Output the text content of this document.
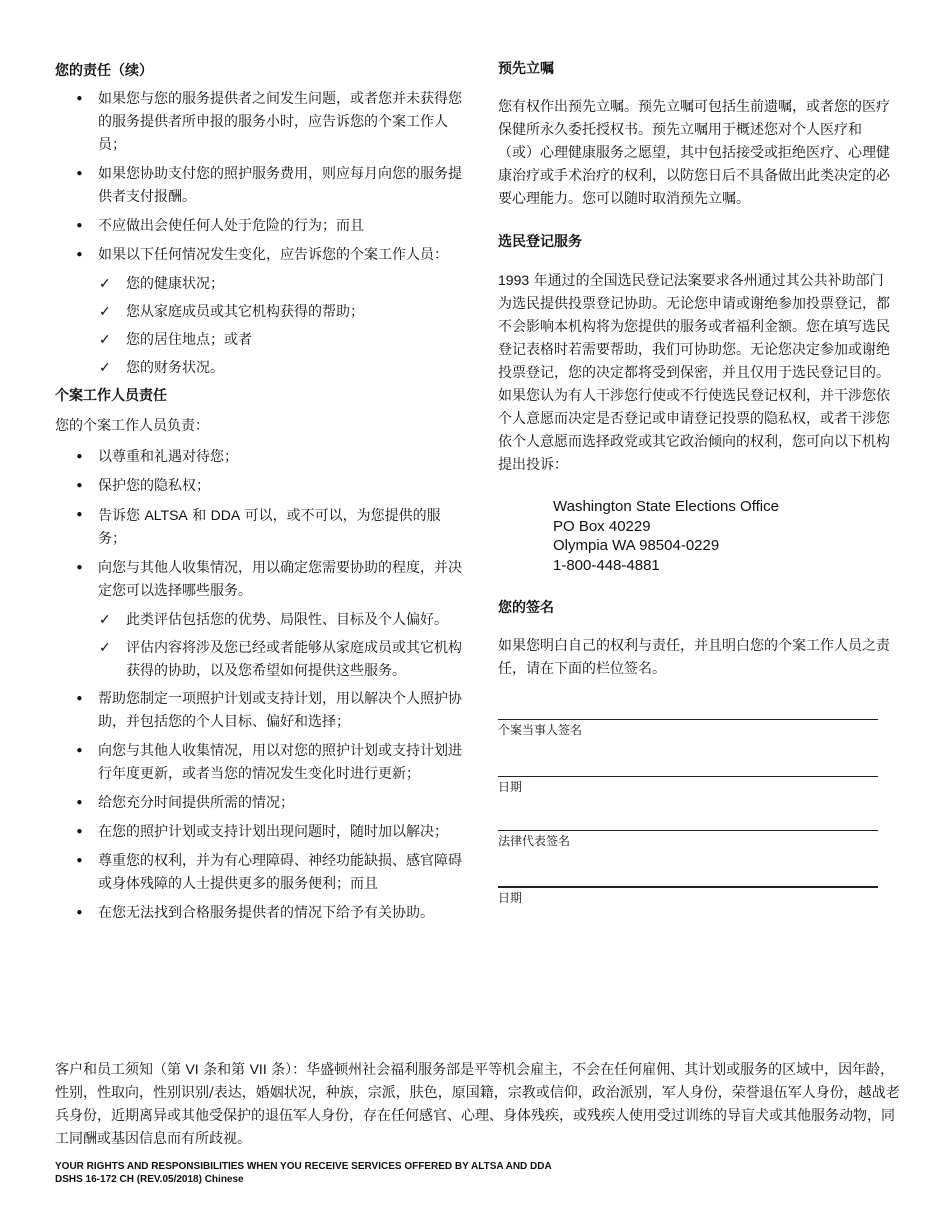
您的责任（续）
• 如果您与您的服务提供者之间发生问题，或者您并未获得您的服务提供者所申报的服务小时，应告诉您的个案工作人员；
• 如果您协助支付您的照护服务费用，则应每月向您的服务提供者支付报酬。
• 不应做出会使任何人处于危险的行为；而且
• 如果以下任何情况发生变化，应告诉您的个案工作人员：
✓ 您的健康状况；
✓ 您从家庭成员或其它机构获得的帮助；
✓ 您的居住地点；或者
✓ 您的财务状况。
个案工作人员责任

您的个案工作人员负责：

• 以尊重和礼遇对待您；
• 保护您的隐私权；
• 告诉您 ALTSA 和 DDA 可以，或不可以，为您提供的服务；
• 向您与其他人收集情况，用以确定您需要协助的程度，并决定您可以选择哪些服务。
✓ 此类评估包括您的优势、局限性、目标及个人偏好。
✓ 评估内容将涉及您已经或者能够从家庭成员或其它机构获得的协助，以及您希望如何提供这些服务。
• 帮助您制定一项照护计划或支持计划，用以解决个人照护协助，并包括您的个人目标、偏好和选择；
• 向您与其他人收集情况，用以对您的照护计划或支持计划进行年度更新，或者当您的情况发生变化时进行更新；
• 给您充分时间提供所需的情况；
• 在您的照护计划或支持计划出现问题时，随时加以解决；
• 尊重您的权利，并为有心理障碍、神经功能缺损、感官障碍或身体残障的人士提供更多的服务便利；而且
• 在您无法找到合格服务提供者的情况下给予有关协助。
预先立嘱

您有权作出预先立嘱。预先立嘱可包括生前遗嘱，或者您的医疗保健所永久委托授权书。预先立嘱用于概述您对个人医疗和（或）心理健康服务之愿望，其中包括接受或拒绝医疗、心理健康治疗或手术治疗的权利，以防您日后不具备做出此类决定的必要心理能力。您可以随时取消预先立嘱。

选民登记服务

1993 年通过的全国选民登记法案要求各州通过其公共补助部门为选民提供投票登记协助。无论您申请或谢绝参加投票登记，都不会影响本机构将为您提供的服务或者福利金额。您在填写选民登记表格时若需要帮助，我们可协助您。无论您决定参加或谢绝投票登记，您的决定都将受到保密，并且仅用于选民登记目的。如果您认为有人干涉您行使或不行使选民登记权利，并干涉您依个人意愿而决定是否登记或申请登记投票的隐私权，或者干涉您依个人意愿而选择政党或其它政治倾向的权利，您可向以下机构提出投诉：

Washington State Elections Office
PO Box 40229
Olympia WA 98504-0229
1-800-448-4881
您的签名

如果您明白自己的权利与责任，并且明白您的个案工作人员之责任，请在下面的栏位签名。

个案当事人签名
日期
法律代表签名
日期
客户和员工须知（第 VI 条和第 VII 条）：华盛顿州社会福利服务部是平等机会雇主，不会在任何雇佣、其计划或服务的区域中，因年龄，性别，性取向，性别识别/表达，婚姻状况，种族，宗派，肤色，原国籍，宗教或信仰，政治派别，军人身份，荣誉退伍军人身份，越战老兵身份，近期离异或其他受保护的退伍军人身份，存在任何感官、心理、身体残疾，或残疾人使用受过训练的导盲犬或其他服务动物，同工同酬或基因信息而有所歧视。
YOUR RIGHTS AND RESPONSIBILITIES WHEN YOU RECEIVE SERVICES OFFERED BY ALTSA AND DDA
DSHS 16-172 CH (REV.05/2018) Chinese
